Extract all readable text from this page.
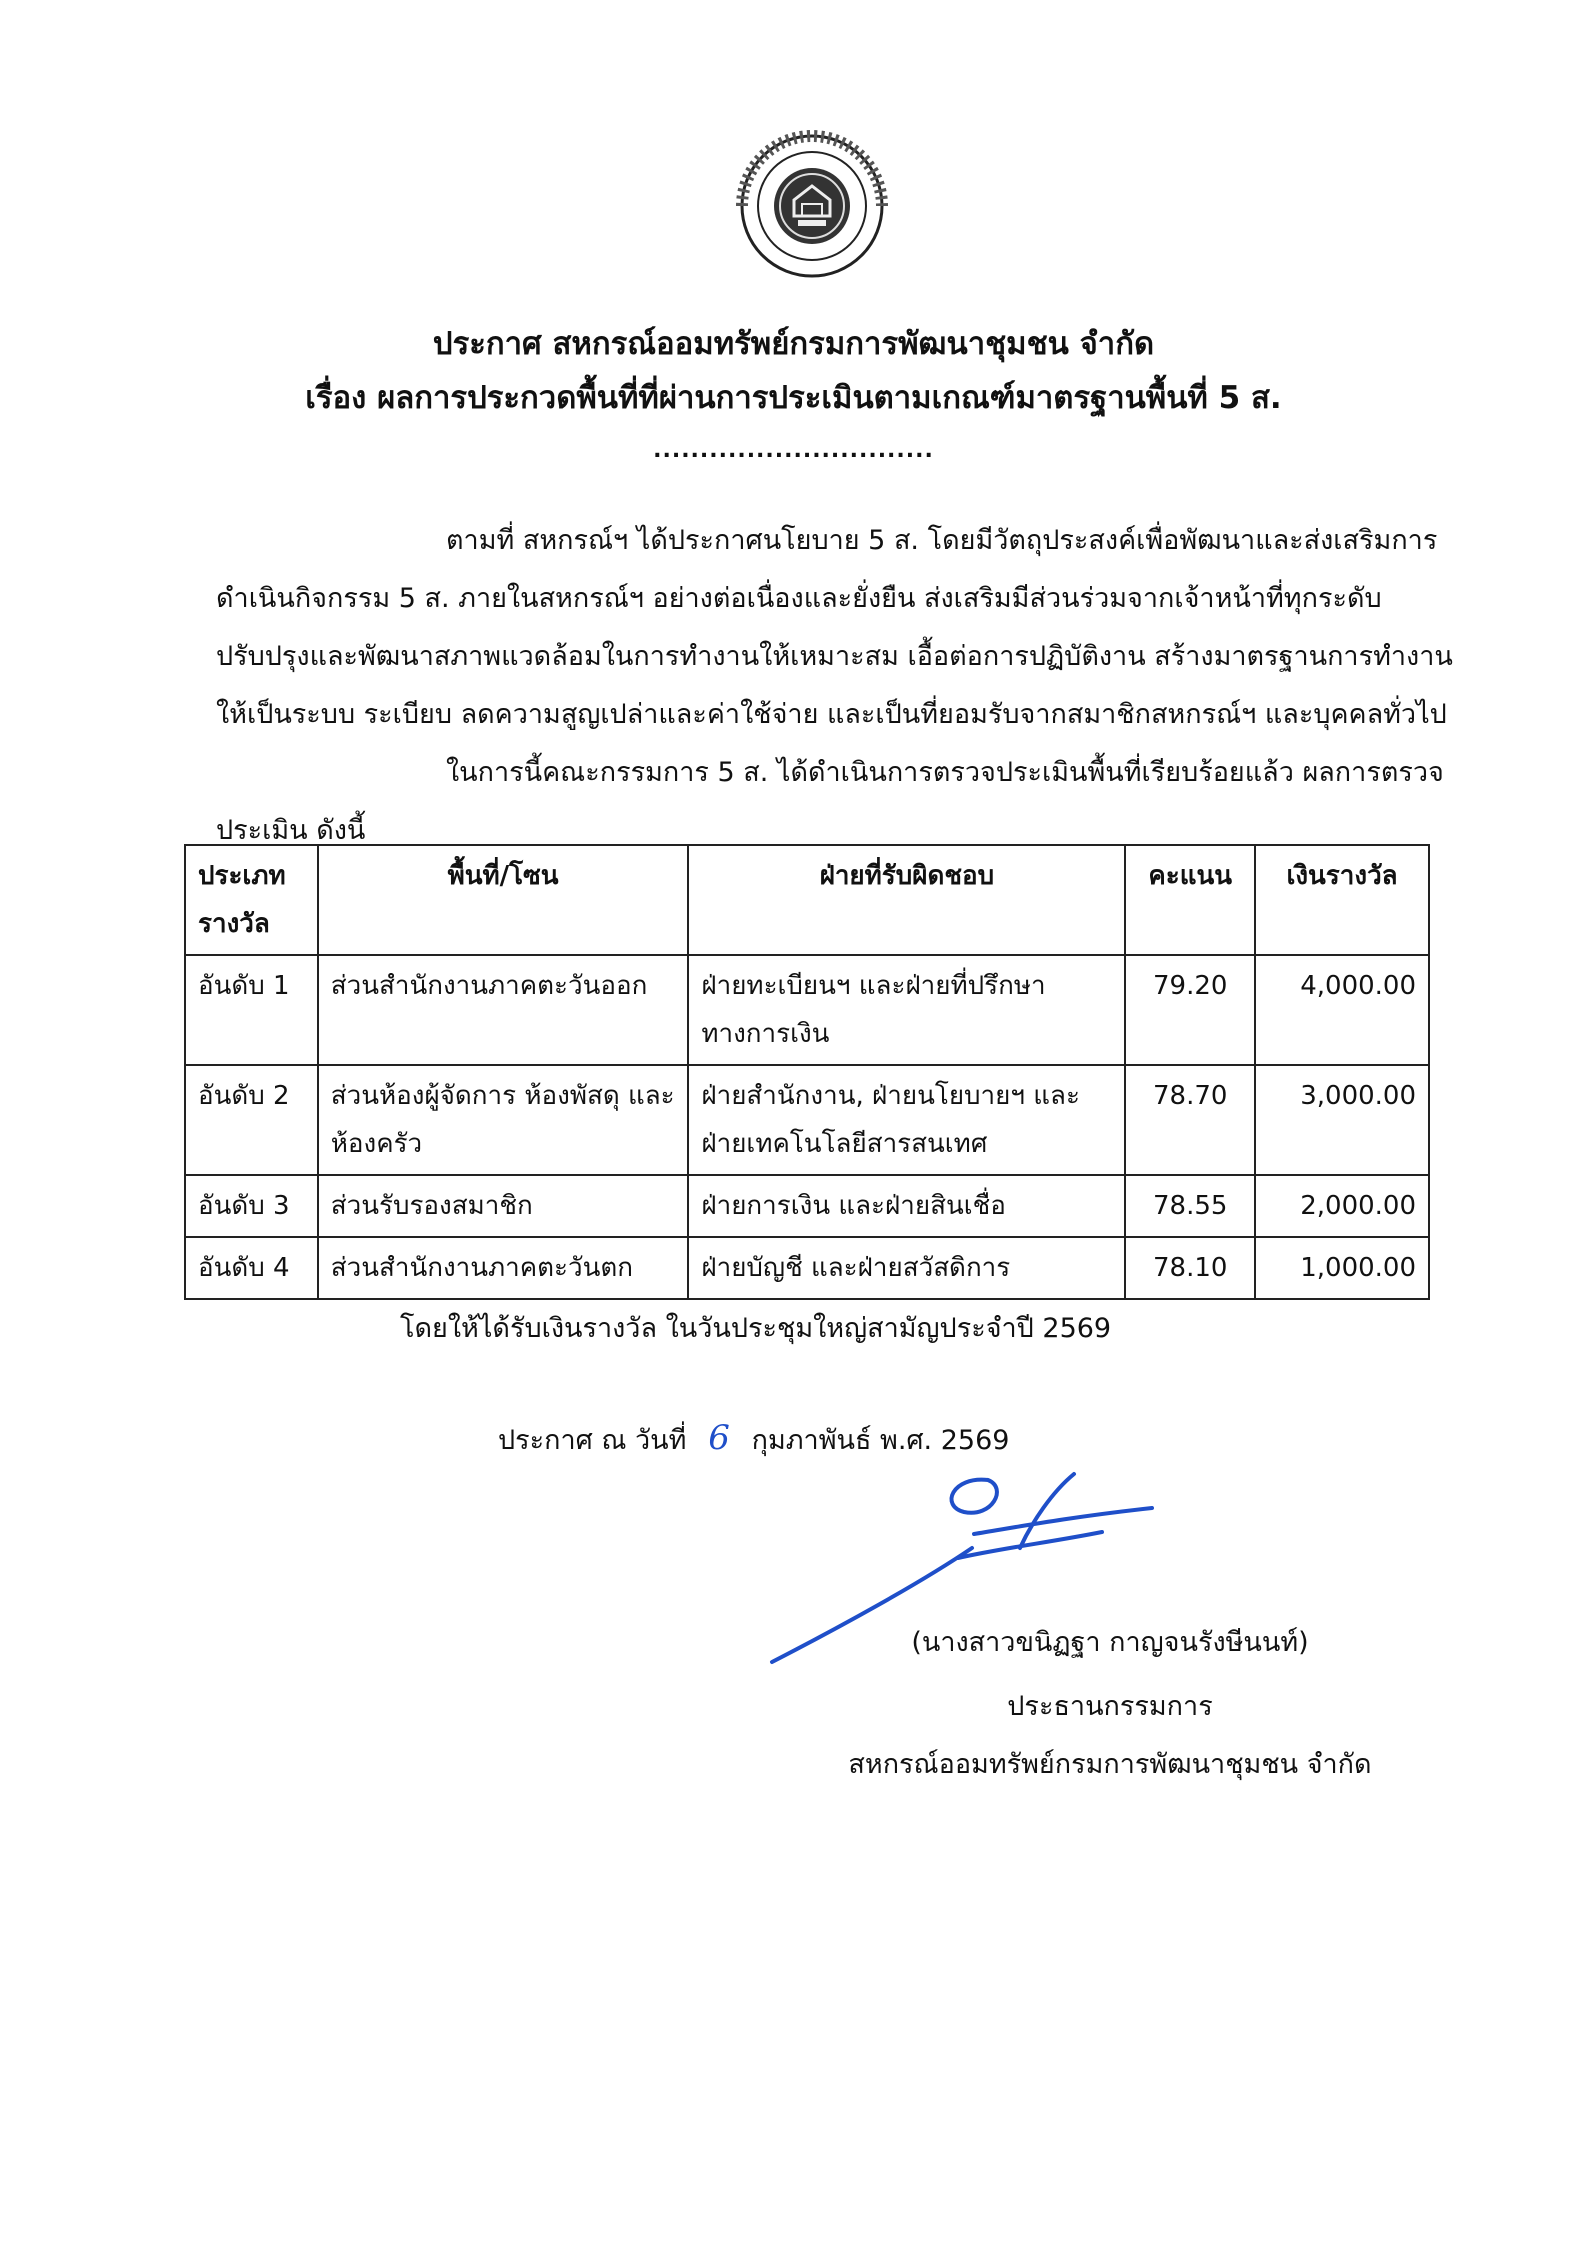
ประกาศ สหกรณ์ออมทรัพย์กรมการพัฒนาชุมชน จำกัด
เรื่อง ผลการประกวดพื้นที่ที่ผ่านการประเมินตามเกณฑ์มาตรฐานพื้นที่ 5 ส.
..............................
ตามที่ สหกรณ์ฯ ได้ประกาศนโยบาย 5 ส. โดยมีวัตถุประสงค์เพื่อพัฒนาและส่งเสริมการ
ดำเนินกิจกรรม 5 ส. ภายในสหกรณ์ฯ อย่างต่อเนื่องและยั่งยืน ส่งเสริมมีส่วนร่วมจากเจ้าหน้าที่ทุกระดับ
ปรับปรุงและพัฒนาสภาพแวดล้อมในการทำงานให้เหมาะสม เอื้อต่อการปฏิบัติงาน สร้างมาตรฐานการทำงาน
ให้เป็นระบบ ระเบียบ ลดความสูญเปล่าและค่าใช้จ่าย และเป็นที่ยอมรับจากสมาชิกสหกรณ์ฯ และบุคคลทั่วไป
ในการนี้คณะกรรมการ 5 ส. ได้ดำเนินการตรวจประเมินพื้นที่เรียบร้อยแล้ว ผลการตรวจ
ประเมิน ดังนี้
ประเภทรางวัล	พื้นที่/โซน	ฝ่ายที่รับผิดชอบ	คะแนน	เงินรางวัล
อันดับ 1	ส่วนสำนักงานภาคตะวันออก	ฝ่ายทะเบียนฯ และฝ่ายที่ปรึกษาทางการเงิน	79.20	4,000.00
อันดับ 2	ส่วนห้องผู้จัดการ ห้องพัสดุ และห้องครัว	ฝ่ายสำนักงาน, ฝ่ายนโยบายฯ และฝ่ายเทคโนโลยีสารสนเทศ	78.70	3,000.00
อันดับ 3	ส่วนรับรองสมาชิก	ฝ่ายการเงิน และฝ่ายสินเชื่อ	78.55	2,000.00
อันดับ 4	ส่วนสำนักงานภาคตะวันตก	ฝ่ายบัญชี และฝ่ายสวัสดิการ	78.10	1,000.00
โดยให้ได้รับเงินรางวัล ในวันประชุมใหญ่สามัญประจำปี 2569
ประกาศ ณ วันที่ 6 กุมภาพันธ์ พ.ศ. 2569
(นางสาวขนิฏฐา กาญจนรังษีนนท์)
ประธานกรรมการ
สหกรณ์ออมทรัพย์กรมการพัฒนาชุมชน จำกัด
